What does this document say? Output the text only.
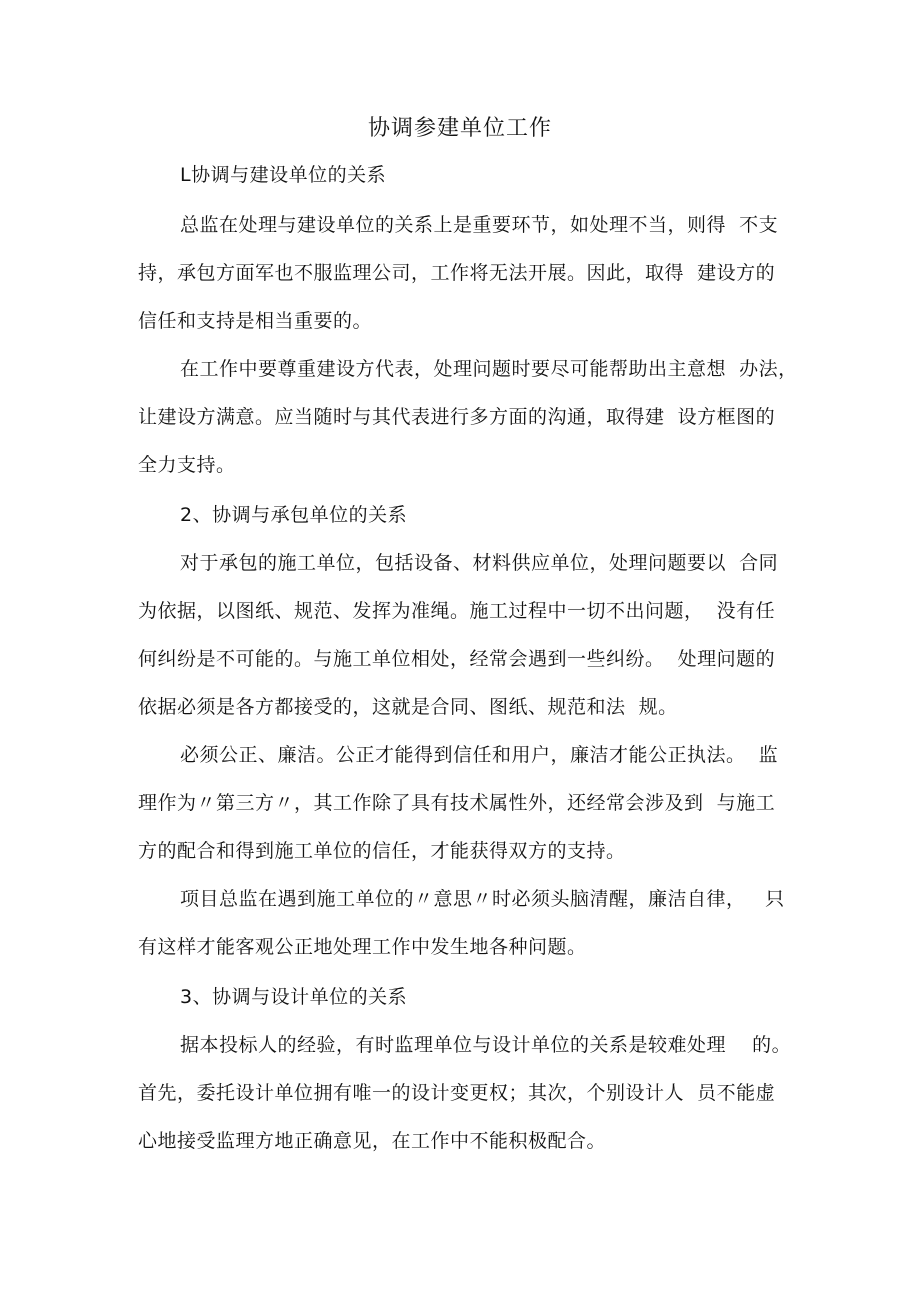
协调参建单位工作
L协调与建设单位的关系
总监在处理与建设单位的关系上是重要环节，如处理不当，则得  不支
持，承包方面军也不服监理公司，工作将无法开展。因此，取得  建设方的
信任和支持是相当重要的。
在工作中要尊重建设方代表，处理问题时要尽可能帮助出主意想  办法，
让建设方满意。应当随时与其代表进行多方面的沟通，取得建  设方框图的
全力支持。
2、协调与承包单位的关系
对于承包的施工单位，包括设备、材料供应单位，处理问题要以  合同
为依据，以图纸、规范、发挥为准绳。施工过程中一切不出问题，  没有任
何纠纷是不可能的。与施工单位相处，经常会遇到一些纠纷。  处理问题的
依据必须是各方都接受的，这就是合同、图纸、规范和法  规。
必须公正、廉洁。公正才能得到信任和用户，廉洁才能公正执法。  监
理作为〃第三方〃，其工作除了具有技术属性外，还经常会涉及到  与施工
方的配合和得到施工单位的信任，才能获得双方的支持。
项目总监在遇到施工单位的〃意思〃时必须头脑清醒，廉洁自律，   只
有这样才能客观公正地处理工作中发生地各种问题。
3、协调与设计单位的关系
据本投标人的经验，有时监理单位与设计单位的关系是较难处理    的。
首先，委托设计单位拥有唯一的设计变更权；其次，个别设计人  员不能虚
心地接受监理方地正确意见，在工作中不能积极配合。
